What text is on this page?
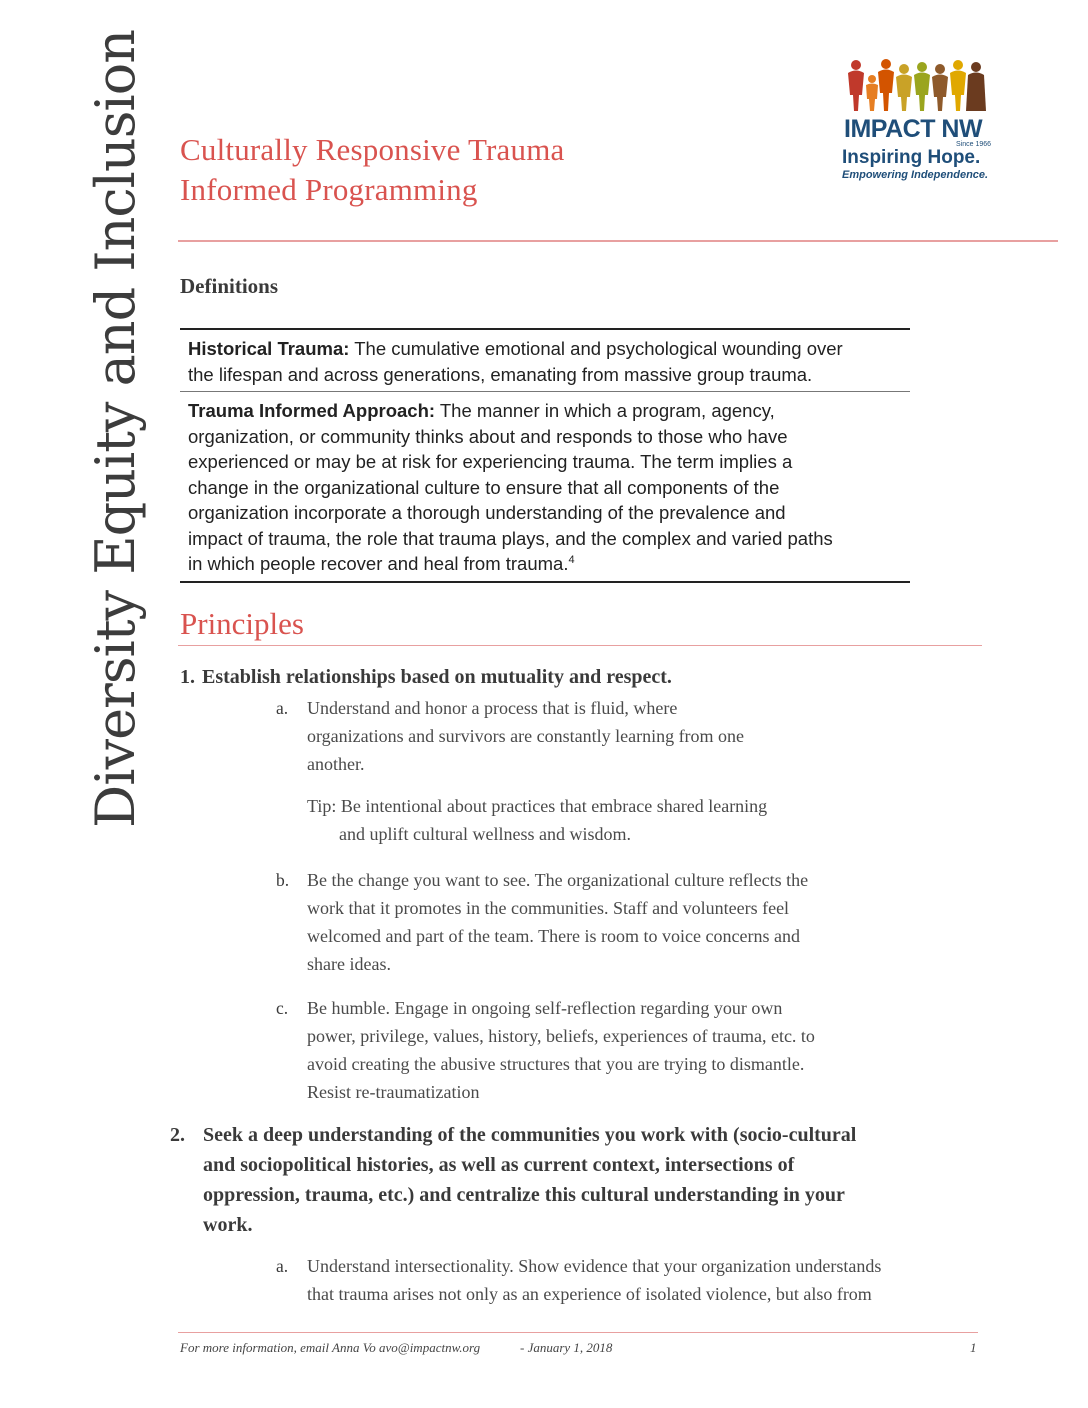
Diversity Equity and Inclusion Culturally Responsive Trauma
Informed Programming
IMPACT NW
Since 1966
Inspiring Hope.
Empowering Independence.
Definitions
Historical Trauma: The cumulative emotional and psychological wounding over
the lifespan and across generations, emanating from massive group trauma.
Trauma Informed Approach: The manner in which a program, agency,
organization, or community thinks about and responds to those who have
experienced or may be at risk for experiencing trauma. The term implies a
change in the organizational culture to ensure that all components of the
organization incorporate a thorough understanding of the prevalence and
impact of trauma, the role that trauma plays, and the complex and varied paths
in which people recover and heal from trauma.$^4$
Principles
1. Establish relationships based on mutuality and respect.
a. Understand and honor a process that is fluid, where
organizations and survivors are constantly learning from one
another.
Tip: Be intentional about practices that embrace shared learning
and uplift cultural wellness and wisdom.
b. Be the change you want to see. The organizational culture reflects the
work that it promotes in the communities. Staff and volunteers feel
welcomed and part of the team. There is room to voice concerns and
share ideas.
c. Be humble. Engage in ongoing self-reflection regarding your own
power, privilege, values, history, beliefs, experiences of trauma, etc. to
avoid creating the abusive structures that you are trying to dismantle.
Resist re-traumatization
2. Seek a deep understanding of the communities you work with (socio-cultural
and sociopolitical histories, as well as current context, intersections of
oppression, trauma, etc.) and centralize this cultural understanding in your
work.
a. Understand intersectionality. Show evidence that your organization understands
that trauma arises not only as an experience of isolated violence, but also from
For more information, email Anna Vo avo@impactnw.org	- January 1, 2018	1
